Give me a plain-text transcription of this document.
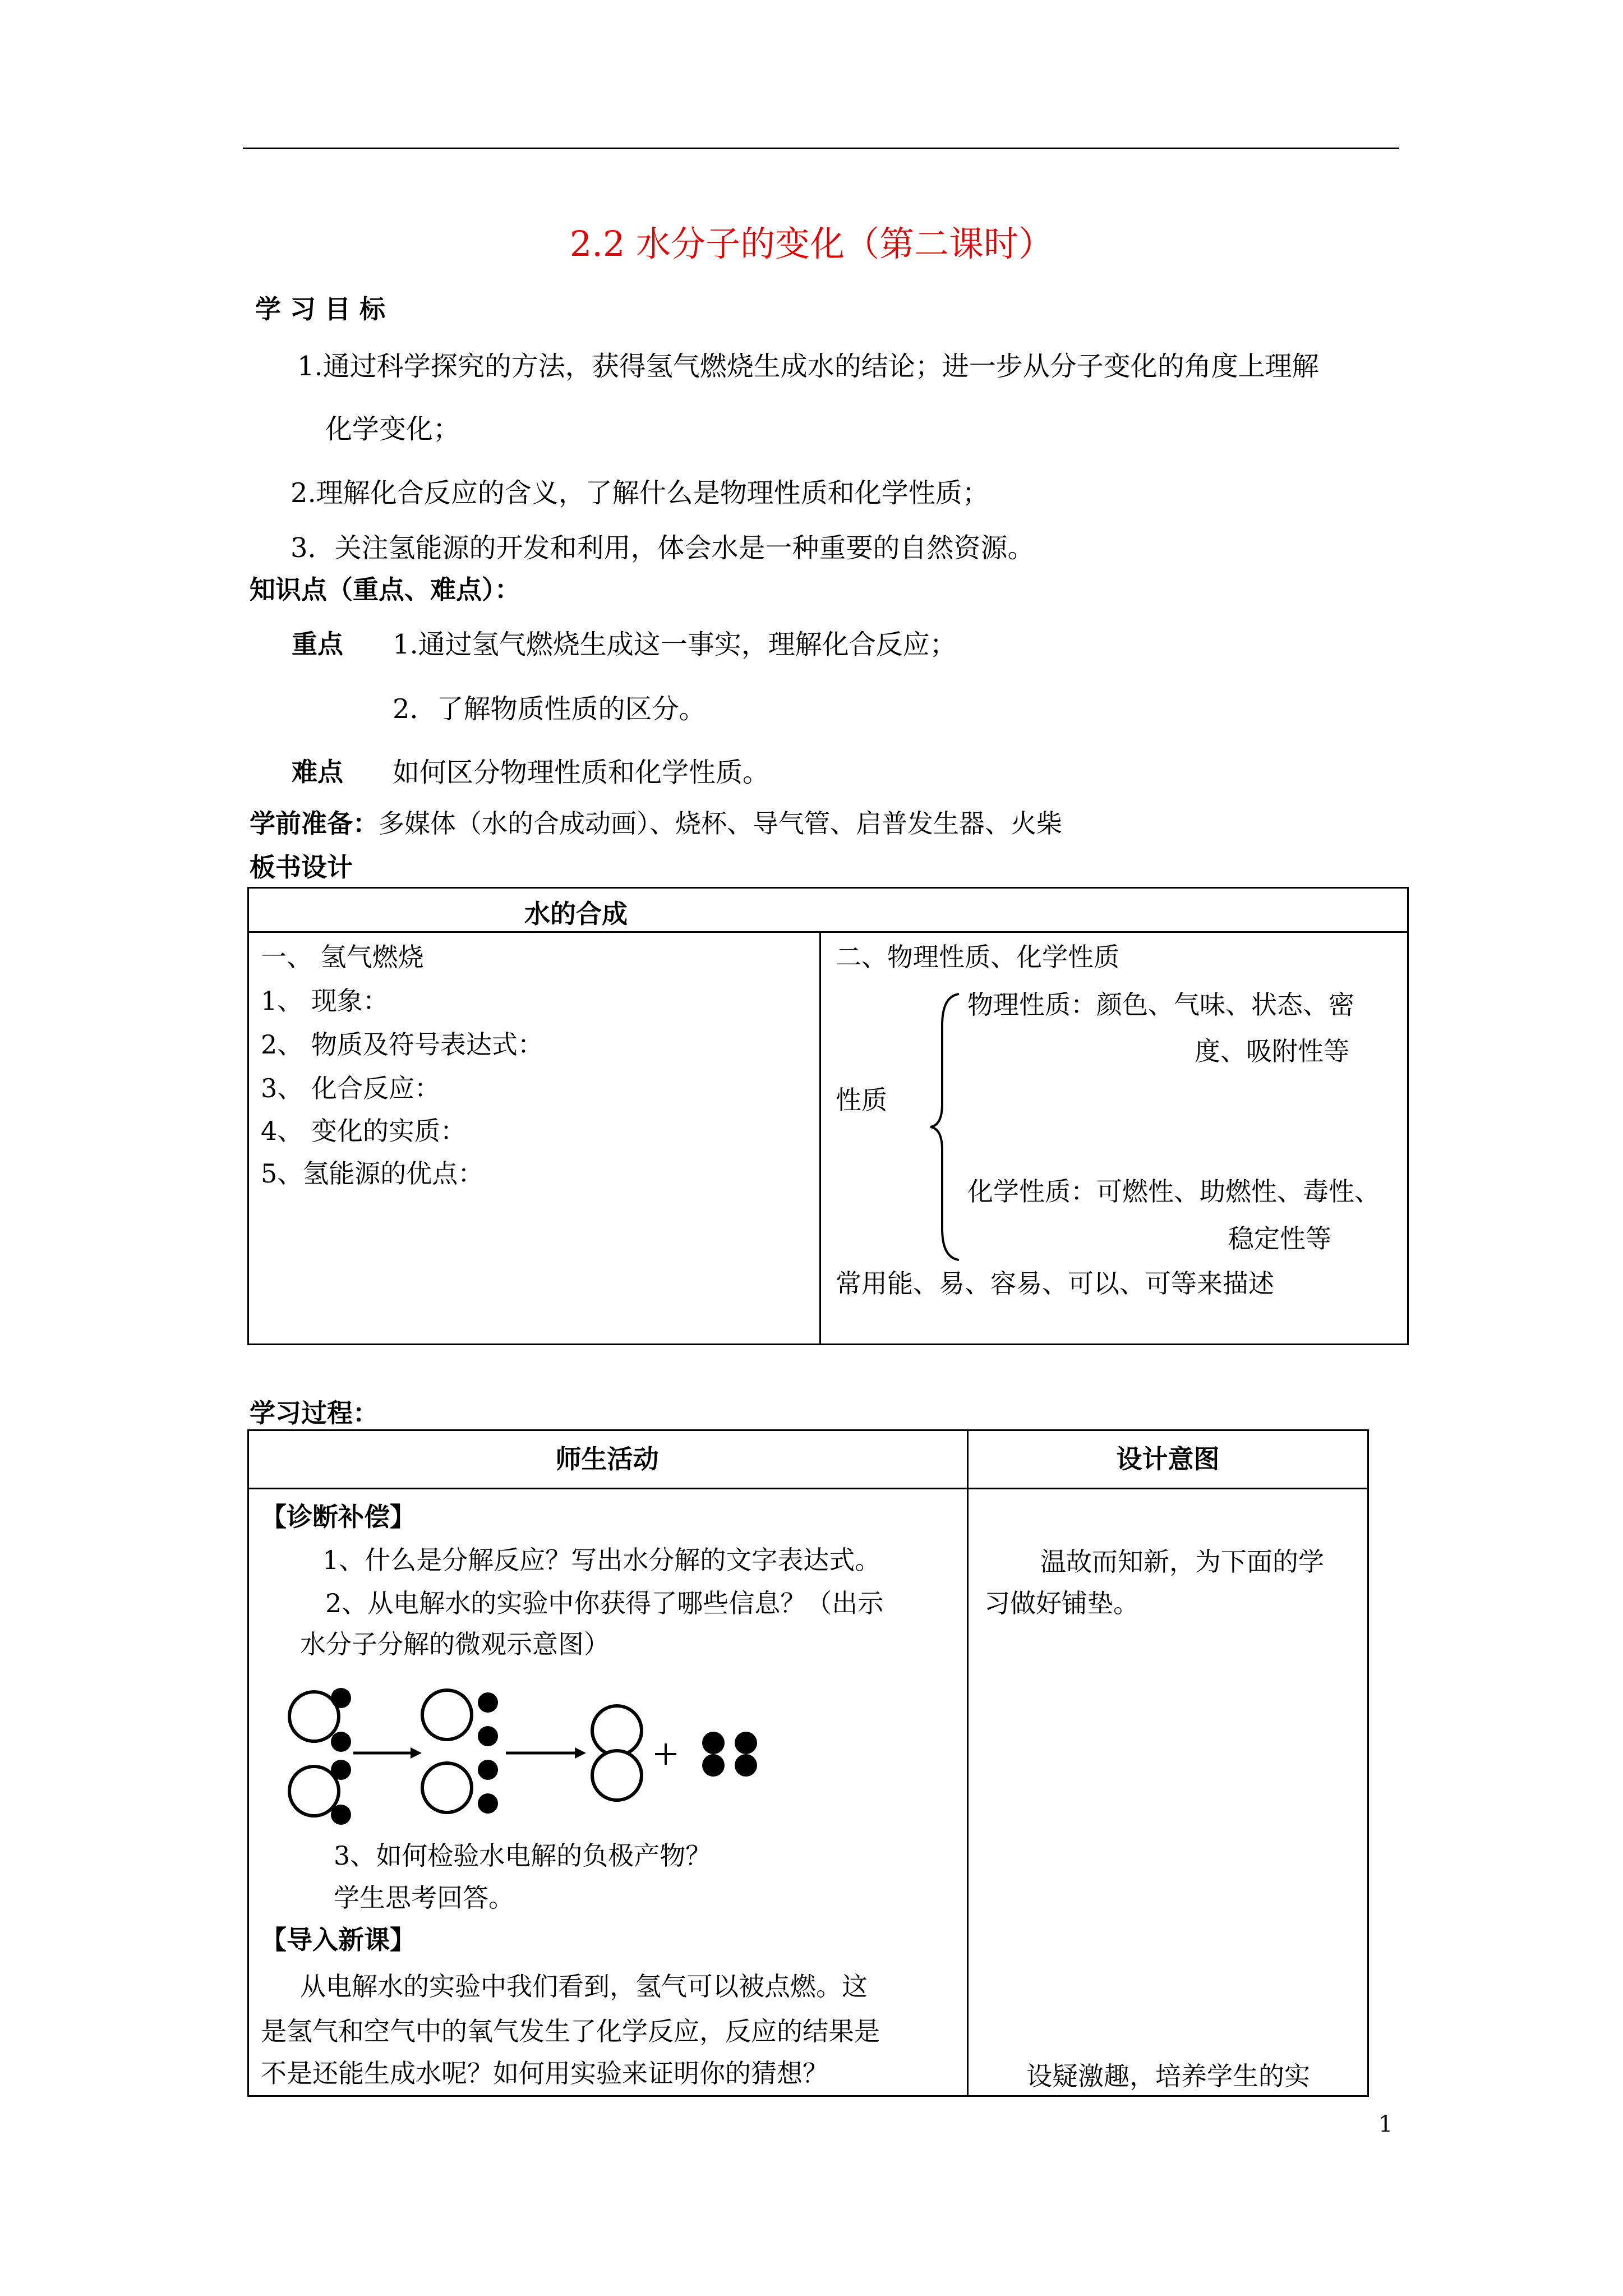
2.2 水分子的变化（第二课时）
学 习 目 标
1.通过科学探究的方法，获得氢气燃烧生成水的结论；进一步从分子变化的角度上理解
化学变化；
2.理解化合反应的含义，了解什么是物理性质和化学性质；
3．关注氢能源的开发和利用，体会水是一种重要的自然资源。
知识点（重点、难点）：
重点 1.通过氢气燃烧生成这一事实，理解化合反应；
2．了解物质性质的区分。
难点 如何区分物理性质和化学性质。
学前准备：多媒体（水的合成动画）、烧杯、导气管、启普发生器、火柴
板书设计
水的合成
一、 氢气燃烧
1、 现象：
2、 物质及符号表达式：
3、 化合反应：
4、 变化的实质：
5、氢能源的优点：
二、物理性质、化学性质
性质
物理性质：颜色、气味、状态、密
度、吸附性等
化学性质：可燃性、助燃性、毒性、
稳定性等
常用能、易、容易、可以、可等来描述
学习过程：
师生活动	设计意图
【诊断补偿】
1、什么是分解反应？写出水分解的文字表达式。
2、从电解水的实验中你获得了哪些信息？（出示
水分子分解的微观示意图）
3、如何检验水电解的负极产物？
学生思考回答。
【导入新课】
从电解水的实验中我们看到，氢气可以被点燃。这
是氢气和空气中的氧气发生了化学反应，反应的结果是
不是还能生成水呢？如何用实验来证明你的猜想？
温故而知新，为下面的学
习做好铺垫。
设疑激趣，培养学生的实
1
